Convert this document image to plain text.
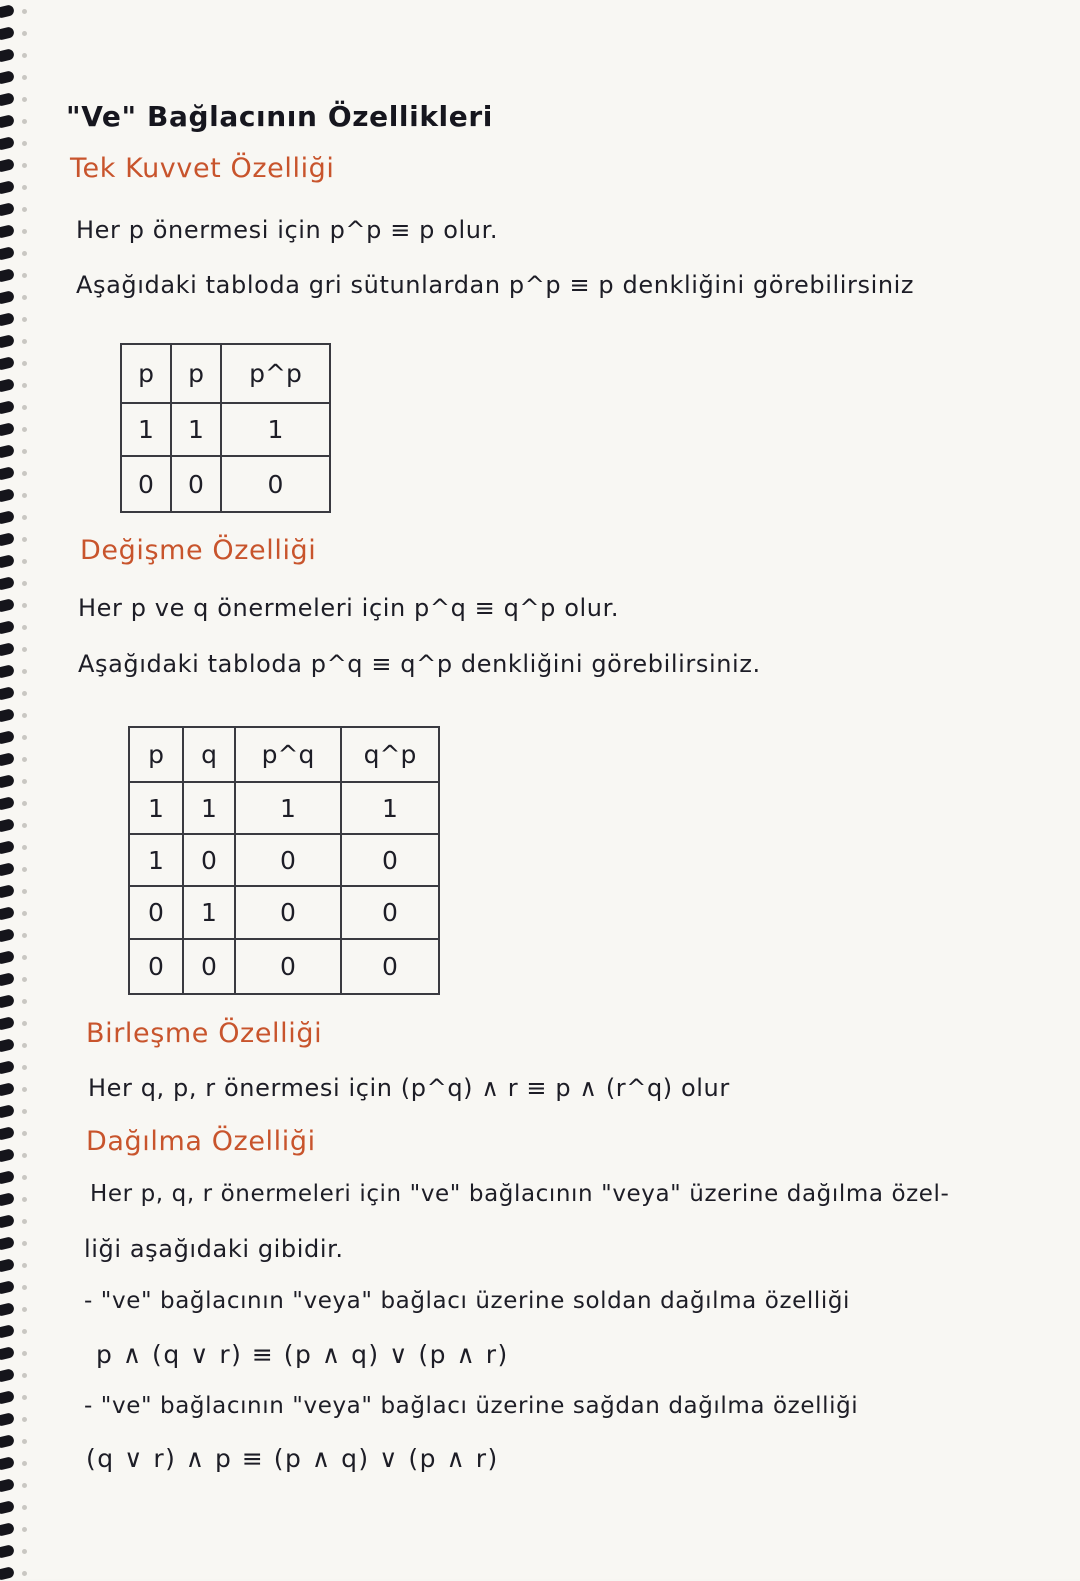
"Ve" Bağlacının Özellikleri
Tek Kuvvet Özelliği
Her p önermesi için p^p ≡ p olur.
Aşağıdaki tabloda gri sütunlardan p^p ≡ p denkliğini görebilirsiniz
p	p	p^p
1	1	1
0	0	0
Değişme Özelliği
Her p ve q önermeleri için p^q ≡ q^p olur.
Aşağıdaki tabloda p^q ≡ q^p denkliğini görebilirsiniz.
p	q	p^q	q^p
1	1	1	1
1	0	0	0
0	1	0	0
0	0	0	0
Birleşme Özelliği
Her q, p, r önermesi için (p^q) ∧ r ≡ p ∧ (r^q) olur
Dağılma Özelliği
Her p, q, r önermeleri için "ve" bağlacının "veya" üzerine dağılma özel-
liği aşağıdaki gibidir.
- "ve" bağlacının "veya" bağlacı üzerine soldan dağılma özelliği
p ∧ (q ∨ r) ≡ (p ∧ q) ∨ (p ∧ r)
- "ve" bağlacının "veya" bağlacı üzerine sağdan dağılma özelliği
(q ∨ r) ∧ p ≡ (p ∧ q) ∨ (p ∧ r)
